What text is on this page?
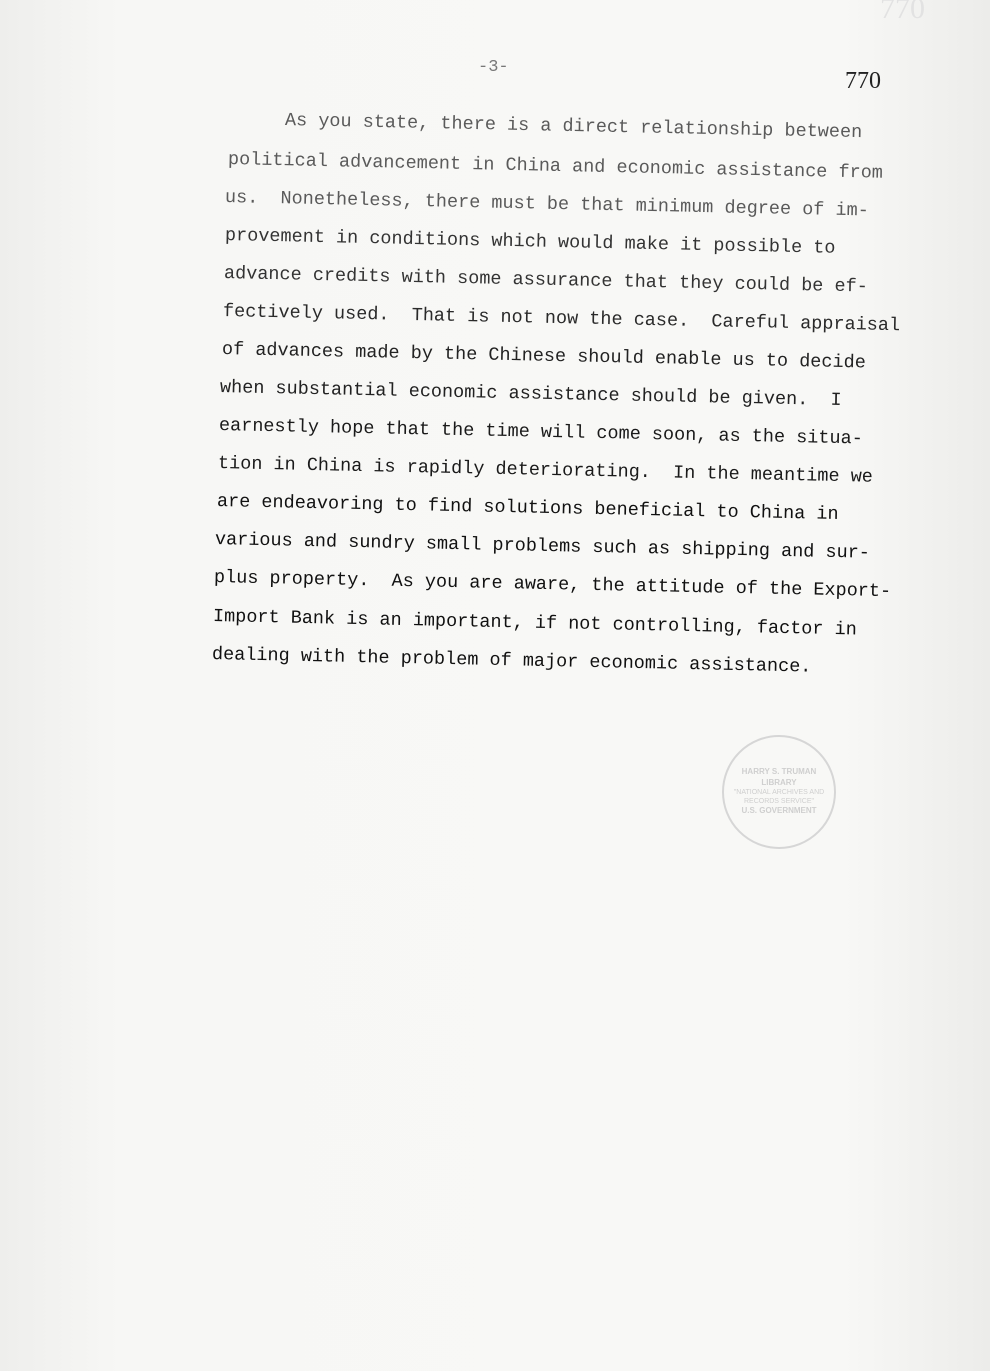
770
-3-
770
As you state, there is a direct relationship between
political advancement in China and economic assistance from
us.  Nonetheless, there must be that minimum degree of im-
provement in conditions which would make it possible to
advance credits with some assurance that they could be ef-
fectively used.  That is not now the case.  Careful appraisal
of advances made by the Chinese should enable us to decide
when substantial economic assistance should be given.  I
earnestly hope that the time will come soon, as the situa-
tion in China is rapidly deteriorating.  In the meantime we
are endeavoring to find solutions beneficial to China in
various and sundry small problems such as shipping and sur-
plus property.  As you are aware, the attitude of the Export-
Import Bank is an important, if not controlling, factor in
dealing with the problem of major economic assistance.
HARRY S. TRUMAN LIBRARY
"NATIONAL ARCHIVES AND RECORDS SERVICE"
U.S. GOVERNMENT
